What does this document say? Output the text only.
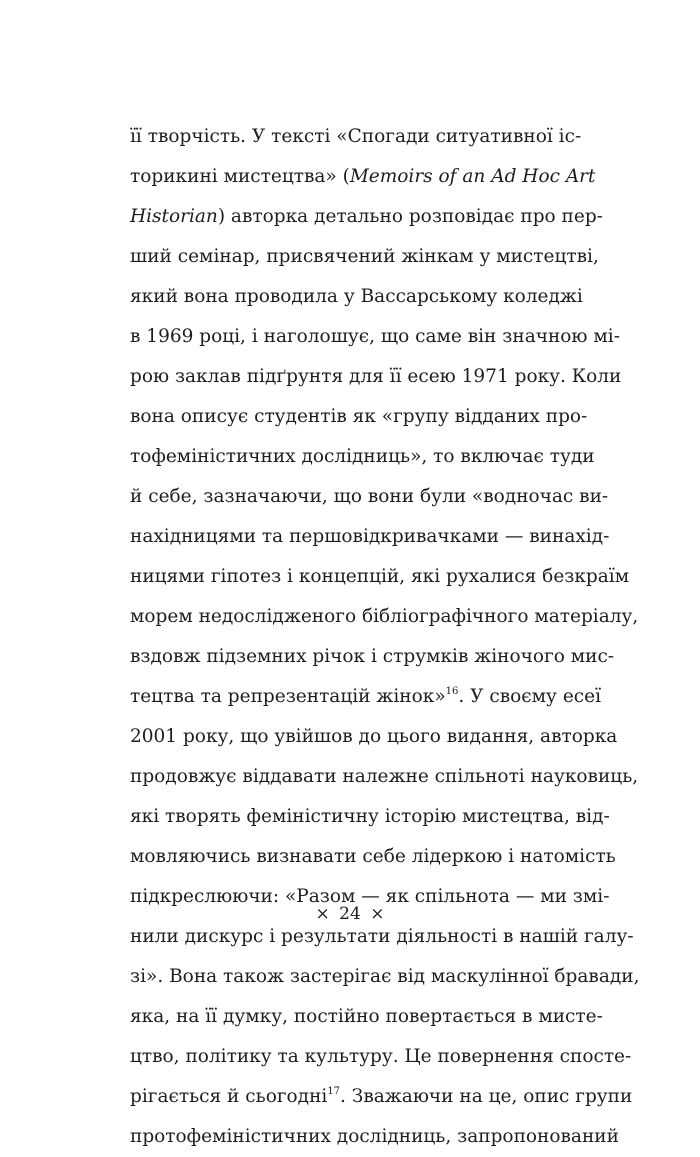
її творчість. У тексті «Спогади ситуативної іс-
торикині мистецтва» (Memoirs of an Ad Hoc Art
Historian) авторка детально розповідає про пер-
ший семінар, присвячений жінкам у мистецтві,
який вона проводила у Вассарському коледжі
в 1969 році, і наголошує, що саме він значною мі-
рою заклав підґрунтя для її есею 1971 року. Коли
вона описує студентів як «групу відданих про-
тофеміністичних дослідниць», то включає туди
й себе, зазначаючи, що вони були «водночас ви-
нахідницями та першовідкривачками — винахід-
ницями гіпотез і концепцій, які рухалися безкраїм
морем недослідженого бібліографічного матеріалу,
вздовж підземних річок і струмків жіночого мис-
тецтва та репрезентацій жінок»$^{16}$. У своєму есеї
2001 року, що увійшов до цього видання, авторка
продовжує віддавати належне спільноті науковиць,
які творять феміністичну історію мистецтва, від-
мовляючись визнавати себе лідеркою і натомість
підкреслюючи: «Разом — як спільнота — ми змі-
нили дискурс і результати діяльності в нашій галу-
зі». Вона також застерігає від маскулінної бравади,
яка, на її думку, постійно повертається в мисте-
цтво, політику та культуру. Це повернення спосте-
рігається й сьогодні$^{17}$. Зважаючи на це, опис групи
протофеміністичних дослідниць, запропонований
× 24 ×
